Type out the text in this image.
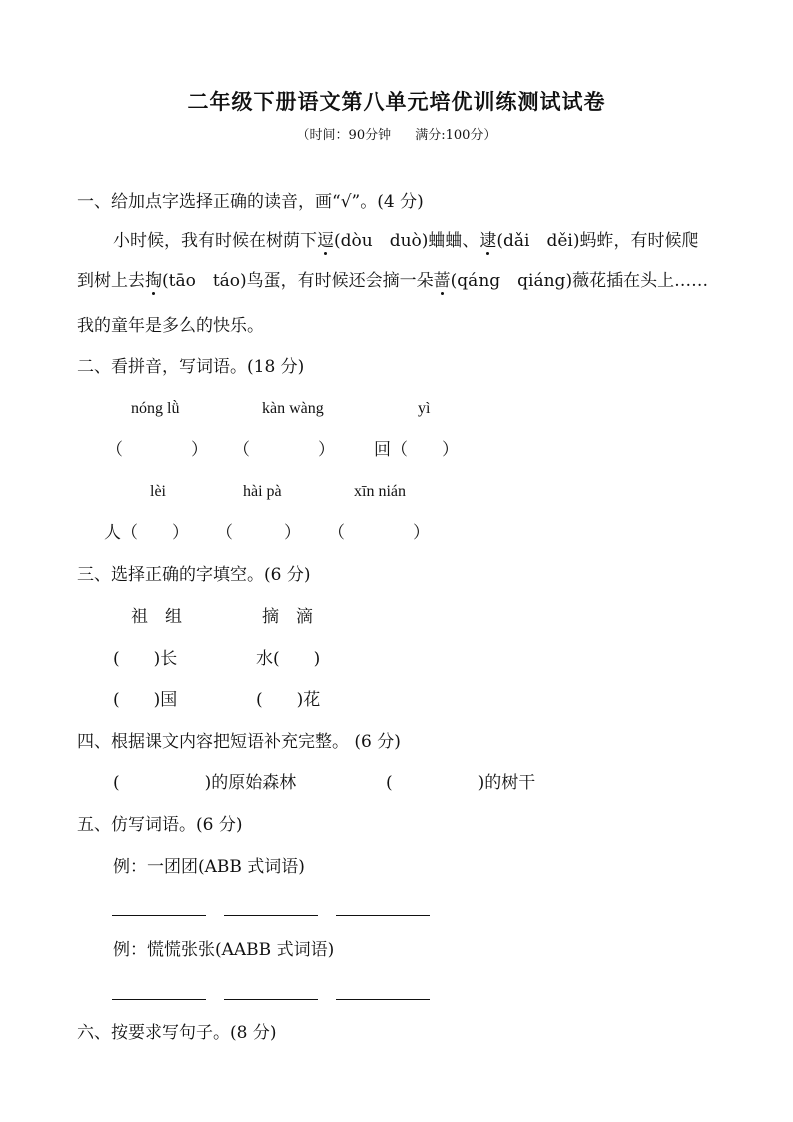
二年级下册语文第八单元培优训练测试试卷
（时间：90分钟 满分:100分）
一、给加点字选择正确的读音，画“√”。(4 分)
小时候，我有时候在树荫下逗(dòu　duò)蛐蛐、逮(dǎi　děi)蚂蚱，有时候爬
到树上去掏(tāo　táo)鸟蛋，有时候还会摘一朵蔷(qáng　qiáng)薇花插在头上……
我的童年是多么的快乐。
二、看拼音，写词语。(18 分)
nóng lǜ	kàn wàng	yì
（　　　　） （　　　　） 回（　　）
lèi	hài pà	xīn nián
人（　　） （　　　） （　　　　）
三、选择正确的字填空。(6 分)
祖　组	摘　滴
(　　)长	水(　　)
(　　)国	(　　)花
四、根据课文内容把短语补充完整。 (6 分)
(　　　　　)的原始森林	(　　　　　)的树干
五、仿写词语。(6 分)
例：一团团(ABB 式词语)
例：慌慌张张(AABB 式词语)
六、按要求写句子。(8 分)
